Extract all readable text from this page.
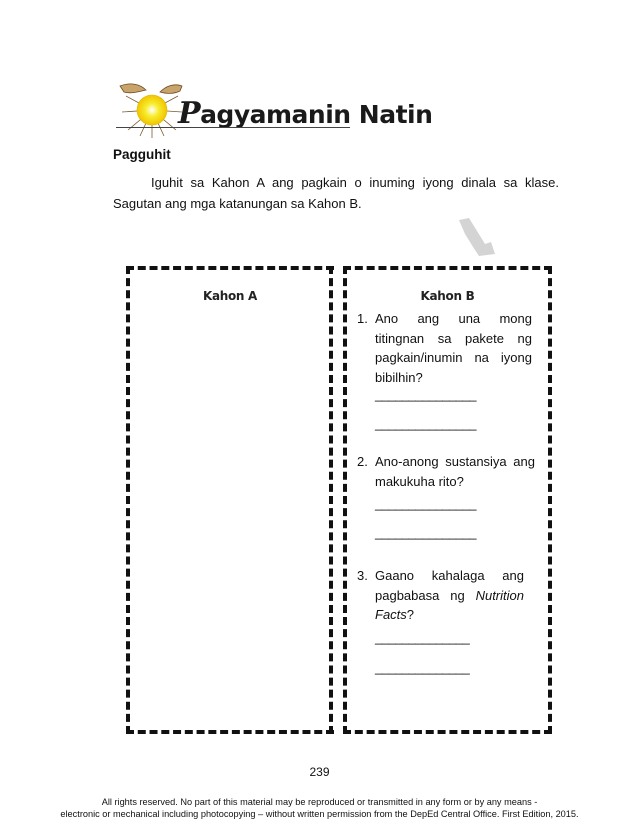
Pagyamanin Natin
Pagguhit
Iguhit sa Kahon A ang pagkain o inuming iyong dinala sa klase. Sagutan ang mga katanungan sa Kahon B.
Kahon A	Kahon B
1. Ano ang una mong titingnan sa pakete ng pagkain/inumin na iyong bibilhin?
_______________
_______________
2. Ano-anong sustansiya ang makukuha rito?
_______________
_______________
3. Gaano kahalaga ang pagbabasa ng Nutrition Facts?
______________
______________
239
All rights reserved. No part of this material may be reproduced or transmitted in any form or by any means -
electronic or mechanical including photocopying – without written permission from the DepEd Central Office. First Edition, 2015.
